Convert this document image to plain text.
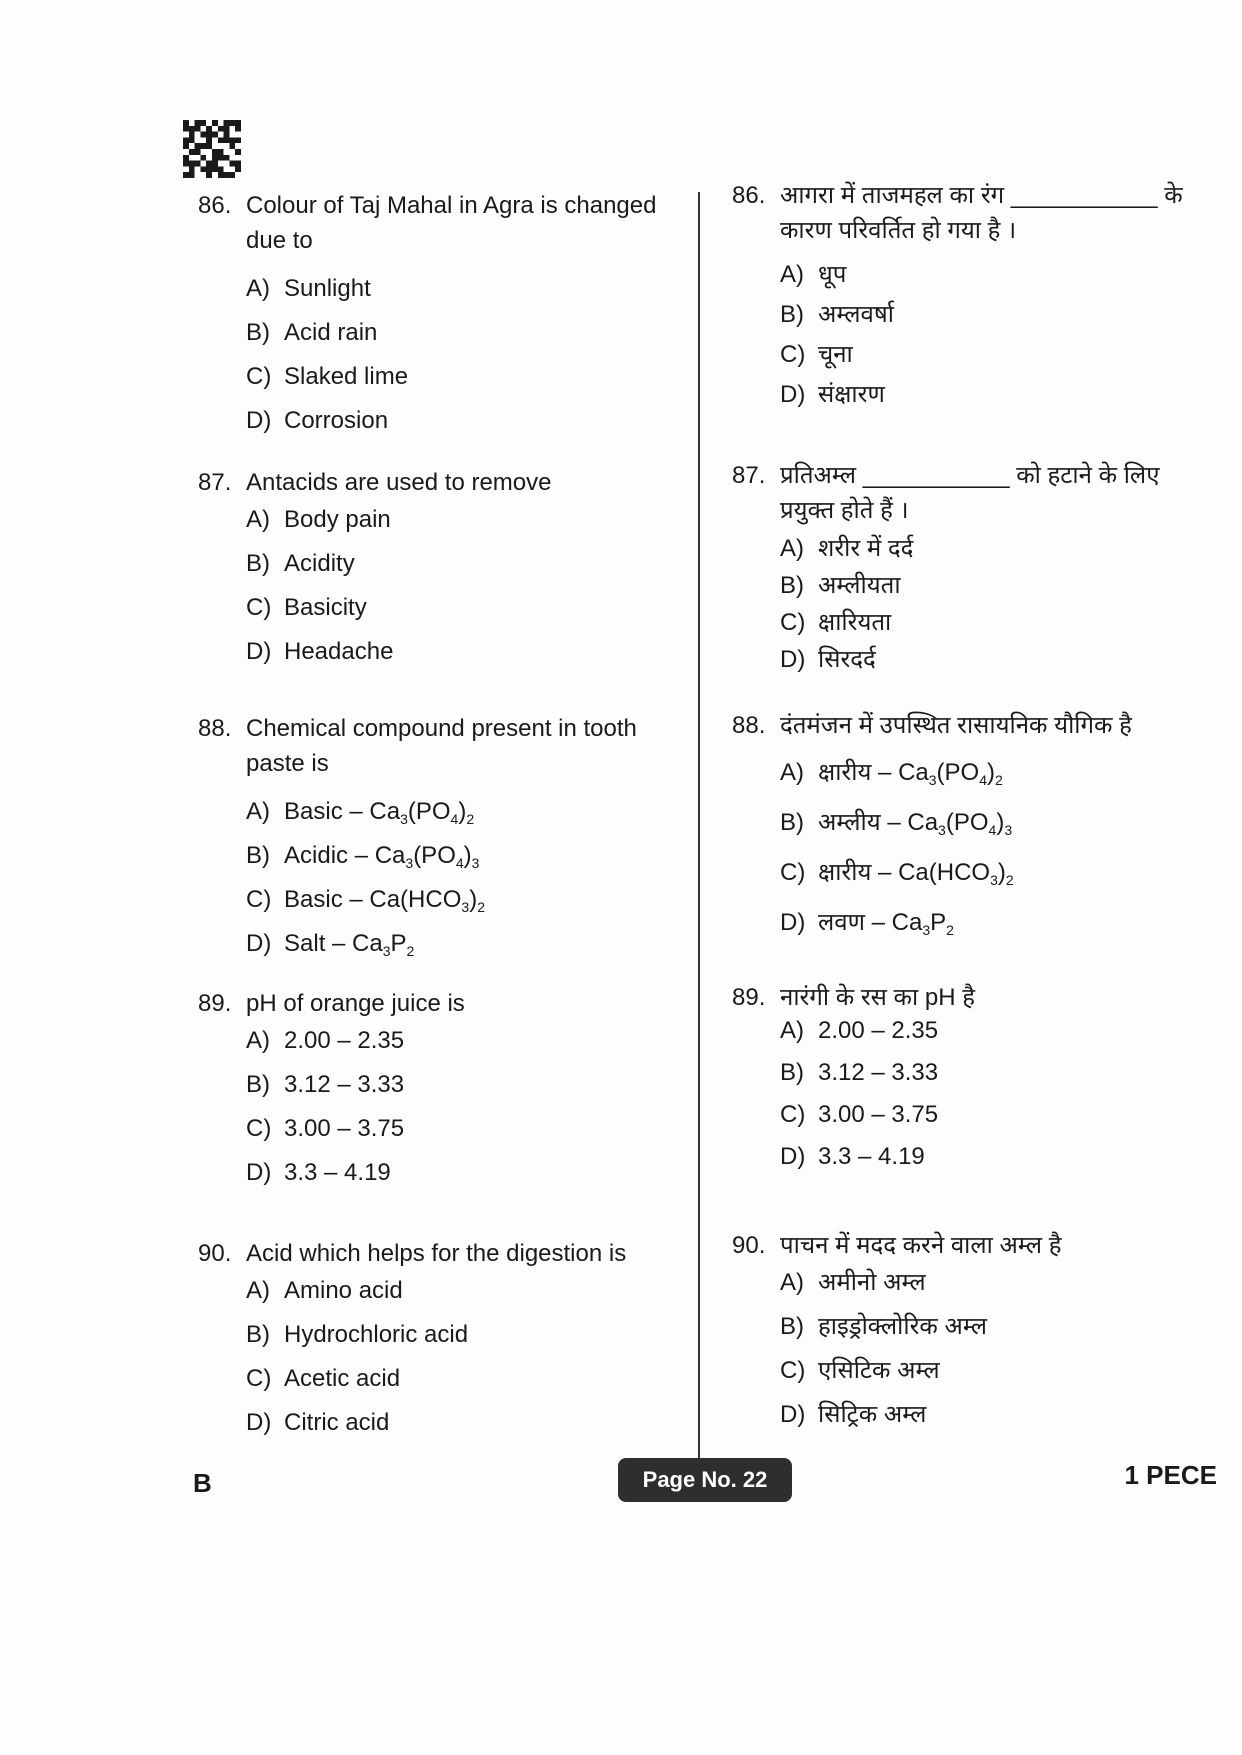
86. Colour of Taj Mahal in Agra is changed due to
A) Sunlight
B) Acid rain
C) Slaked lime
D) Corrosion
87. Antacids are used to remove
A) Body pain
B) Acidity
C) Basicity
D) Headache
88. Chemical compound present in tooth paste is
A) Basic – $Ca_3(PO_4)_2$
B) Acidic – $Ca_3(PO_4)_3$
C) Basic – $Ca(HCO_3)_2$
D) Salt – $Ca_3P_2$
89. pH of orange juice is
A) 2.00 – 2.35
B) 3.12 – 3.33
C) 3.00 – 3.75
D) 3.3 – 4.19
90. Acid which helps for the digestion is
A) Amino acid
B) Hydrochloric acid
C) Acetic acid
D) Citric acid
86. आगरा में ताजमहल का रंग ___________ के कारण परिवर्तित हो गया है ।
A) धूप
B) अम्लवर्षा
C) चूना
D) संक्षारण
87. प्रतिअम्ल ___________ को हटाने के लिए प्रयुक्त होते हैं ।
A) शरीर में दर्द
B) अम्लीयता
C) क्षारियता
D) सिरदर्द
88. दंतमंजन में उपस्थित रासायनिक यौगिक है
A) क्षारीय – $Ca_3(PO_4)_2$
B) अम्लीय – $Ca_3(PO_4)_3$
C) क्षारीय – $Ca(HCO_3)_2$
D) लवण – $Ca_3P_2$
89. नारंगी के रस का pH है
A) 2.00 – 2.35
B) 3.12 – 3.33
C) 3.00 – 3.75
D) 3.3 – 4.19
90. पाचन में मदद करने वाला अम्ल है
A) अमीनो अम्ल
B) हाइड्रोक्लोरिक अम्ल
C) एसिटिक अम्ल
D) सिट्रिक अम्ल
B	Page No. 22	1 PECE
